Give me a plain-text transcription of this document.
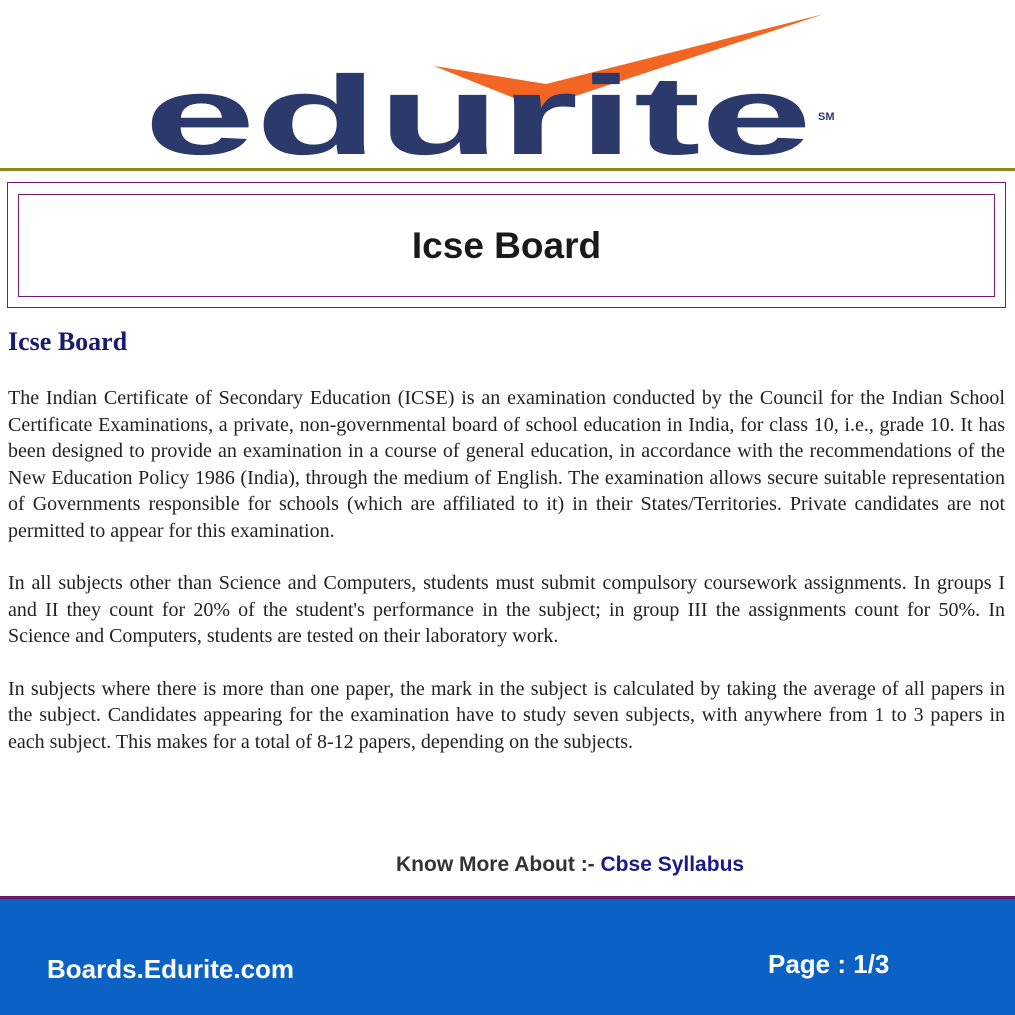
edurite SM
Icse Board
Icse Board

The Indian Certificate of Secondary Education (ICSE) is an examination conducted by the Council for the Indian School Certificate Examinations, a private, non-governmental board of school education in India, for class 10, i.e., grade 10. It has been designed to provide an examination in a course of general education, in accordance with the recommendations of the New Education Policy 1986 (India), through the medium of English. The examination allows secure suitable representation of Governments responsible for schools (which are affiliated to it) in their States/Territories. Private candidates are not permitted to appear for this examination.

In all subjects other than Science and Computers, students must submit compulsory coursework assignments. In groups I and II they count for 20% of the student's performance in the subject; in group III the assignments count for 50%. In Science and Computers, students are tested on their laboratory work.

In subjects where there is more than one paper, the mark in the subject is calculated by taking the average of all papers in the subject. Candidates appearing for the examination have to study seven subjects, with anywhere from 1 to 3 papers in each subject. This makes for a total of 8-12 papers, depending on the subjects.

Know More About :- Cbse Syllabus
Boards.Edurite.com	Page : 1/3
